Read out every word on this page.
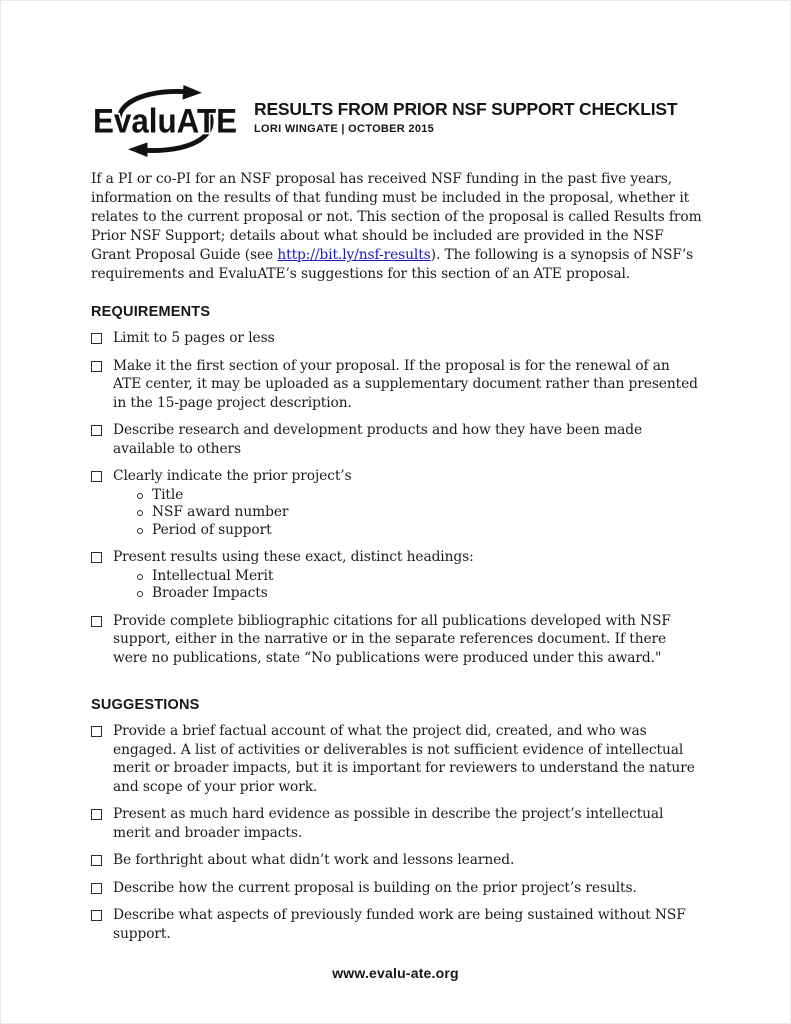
EvaluATE RESULTS FROM PRIOR NSF SUPPORT CHECKLIST
LORI WINGATE | OCTOBER 2015

If a PI or co-PI for an NSF proposal has received NSF funding in the past five years, information on the results of that funding must be included in the proposal, whether it relates to the current proposal or not. This section of the proposal is called Results from Prior NSF Support; details about what should be included are provided in the NSF Grant Proposal Guide (see http://bit.ly/nsf-results). The following is a synopsis of NSF’s requirements and EvaluATE’s suggestions for this section of an ATE proposal.

REQUIREMENTS

Limit to 5 pages or less

Make it the first section of your proposal. If the proposal is for the renewal of an ATE center, it may be uploaded as a supplementary document rather than presented in the 15-page project description.

Describe research and development products and how they have been made available to others

Clearly indicate the prior project’s

Title

NSF award number

Period of support

Present results using these exact, distinct headings:

Intellectual Merit

Broader Impacts

Provide complete bibliographic citations for all publications developed with NSF support, either in the narrative or in the separate references document. If there were no publications, state “No publications were produced under this award."

SUGGESTIONS

Provide a brief factual account of what the project did, created, and who was engaged. A list of activities or deliverables is not sufficient evidence of intellectual merit or broader impacts, but it is important for reviewers to understand the nature and scope of your prior work.

Present as much hard evidence as possible in describe the project’s intellectual merit and broader impacts.

Be forthright about what didn’t work and lessons learned.

Describe how the current proposal is building on the prior project’s results.

Describe what aspects of previously funded work are being sustained without NSF support.

www.evalu-ate.org
